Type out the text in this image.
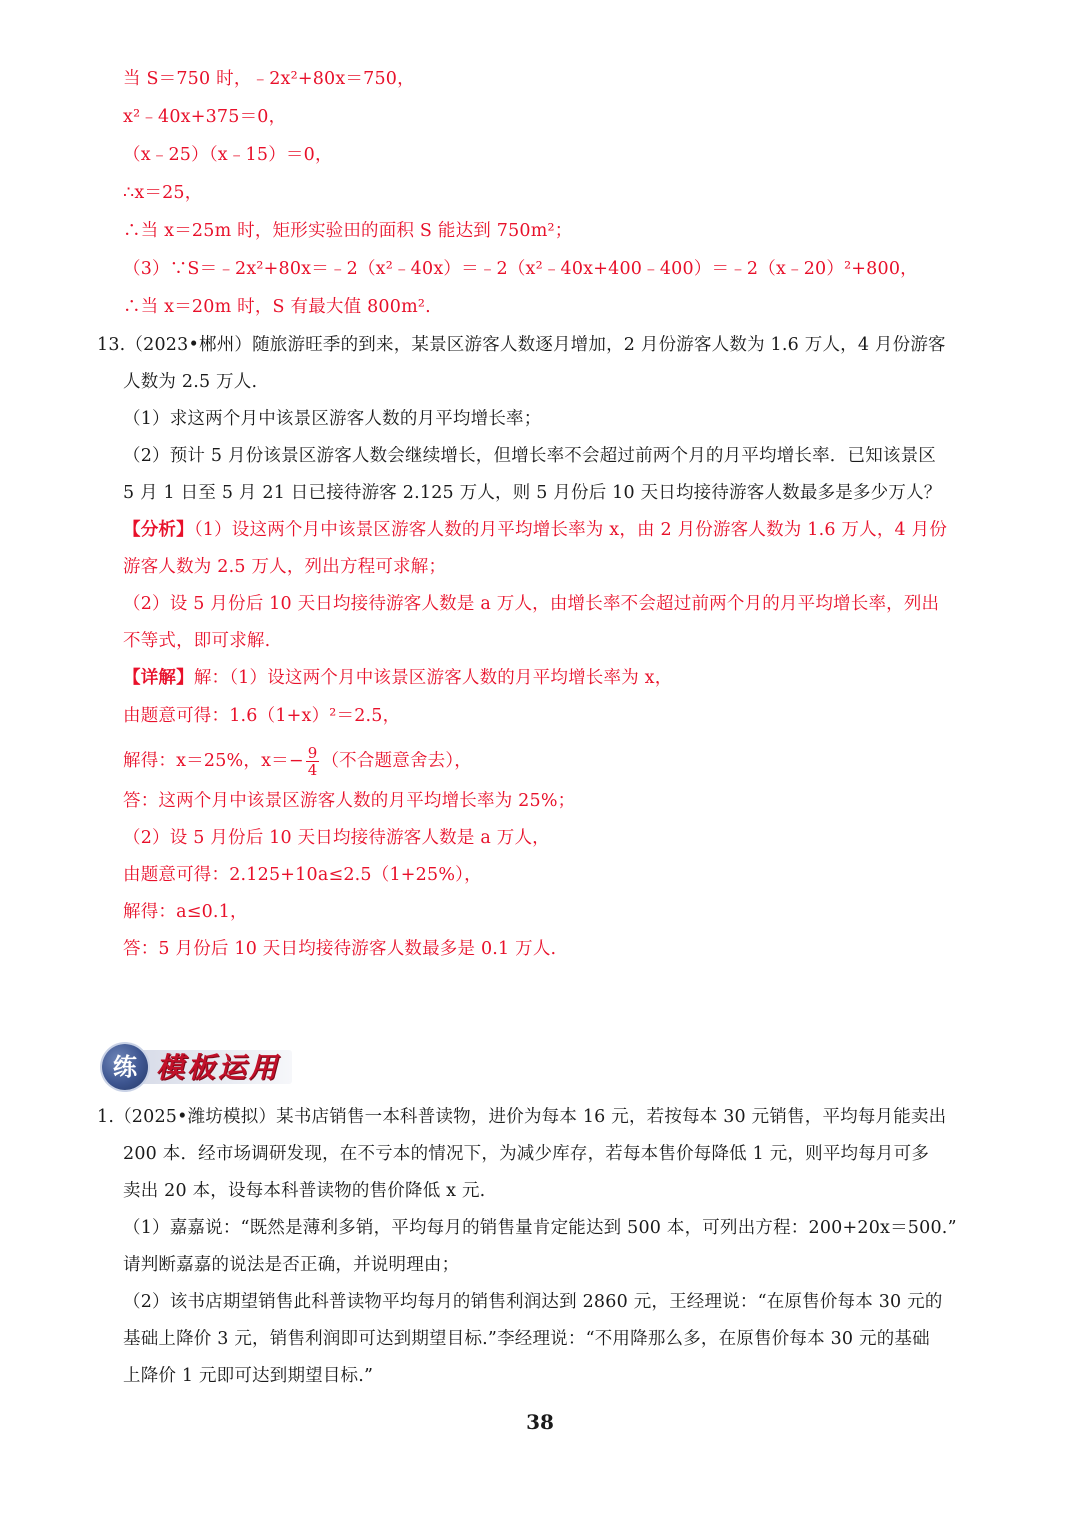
当 S＝750 时，﹣2x²+80x＝750，
x²﹣40x+375＝0，
（x﹣25）（x﹣15）＝0，
∴x＝25，
∴当 x＝25m 时，矩形实验田的面积 S 能达到 750m²；
（3）∵S＝﹣2x²+80x＝﹣2（x²﹣40x）＝﹣2（x²﹣40x+400﹣400）＝﹣2（x﹣20）²+800，
∴当 x＝20m 时，S 有最大值 800m².
13.（2023•郴州）随旅游旺季的到来，某景区游客人数逐月增加，2 月份游客人数为 1.6 万人，4 月份游客
人数为 2.5 万人.
（1）求这两个月中该景区游客人数的月平均增长率；
（2）预计 5 月份该景区游客人数会继续增长，但增长率不会超过前两个月的月平均增长率．已知该景区
5 月 1 日至 5 月 21 日已接待游客 2.125 万人，则 5 月份后 10 天日均接待游客人数最多是多少万人？
【分析】（1）设这两个月中该景区游客人数的月平均增长率为 x，由 2 月份游客人数为 1.6 万人，4 月份
游客人数为 2.5 万人，列出方程可求解；
（2）设 5 月份后 10 天日均接待游客人数是 a 万人，由增长率不会超过前两个月的月平均增长率，列出
不等式，即可求解.
【详解】解：（1）设这两个月中该景区游客人数的月平均增长率为 x，
由题意可得：1.6（1+x）²＝2.5，
解得：x＝25%，$x=- \frac{9}{4}$ （不合题意舍去），
答：这两个月中该景区游客人数的月平均增长率为 25%；
（2）设 5 月份后 10 天日均接待游客人数是 a 万人，
由题意可得：2.125+10a≤2.5（1+25%），
解得：a≤0.1，
答：5 月份后 10 天日均接待游客人数最多是 0.1 万人.
练 模板运用
1.（2025•潍坊模拟）某书店销售一本科普读物，进价为每本 16 元，若按每本 30 元销售，平均每月能卖出
200 本．经市场调研发现，在不亏本的情况下，为减少库存，若每本售价每降低 1 元，则平均每月可多
卖出 20 本，设每本科普读物的售价降低 x 元.
（1）嘉嘉说：“既然是薄利多销，平均每月的销售量肯定能达到 500 本，可列出方程：200+20x＝500.”
请判断嘉嘉的说法是否正确，并说明理由；
（2）该书店期望销售此科普读物平均每月的销售利润达到 2860 元，王经理说：“在原售价每本 30 元的
基础上降价 3 元，销售利润即可达到期望目标.”李经理说：“不用降那么多，在原售价每本 30 元的基础
上降价 1 元即可达到期望目标.”
38
